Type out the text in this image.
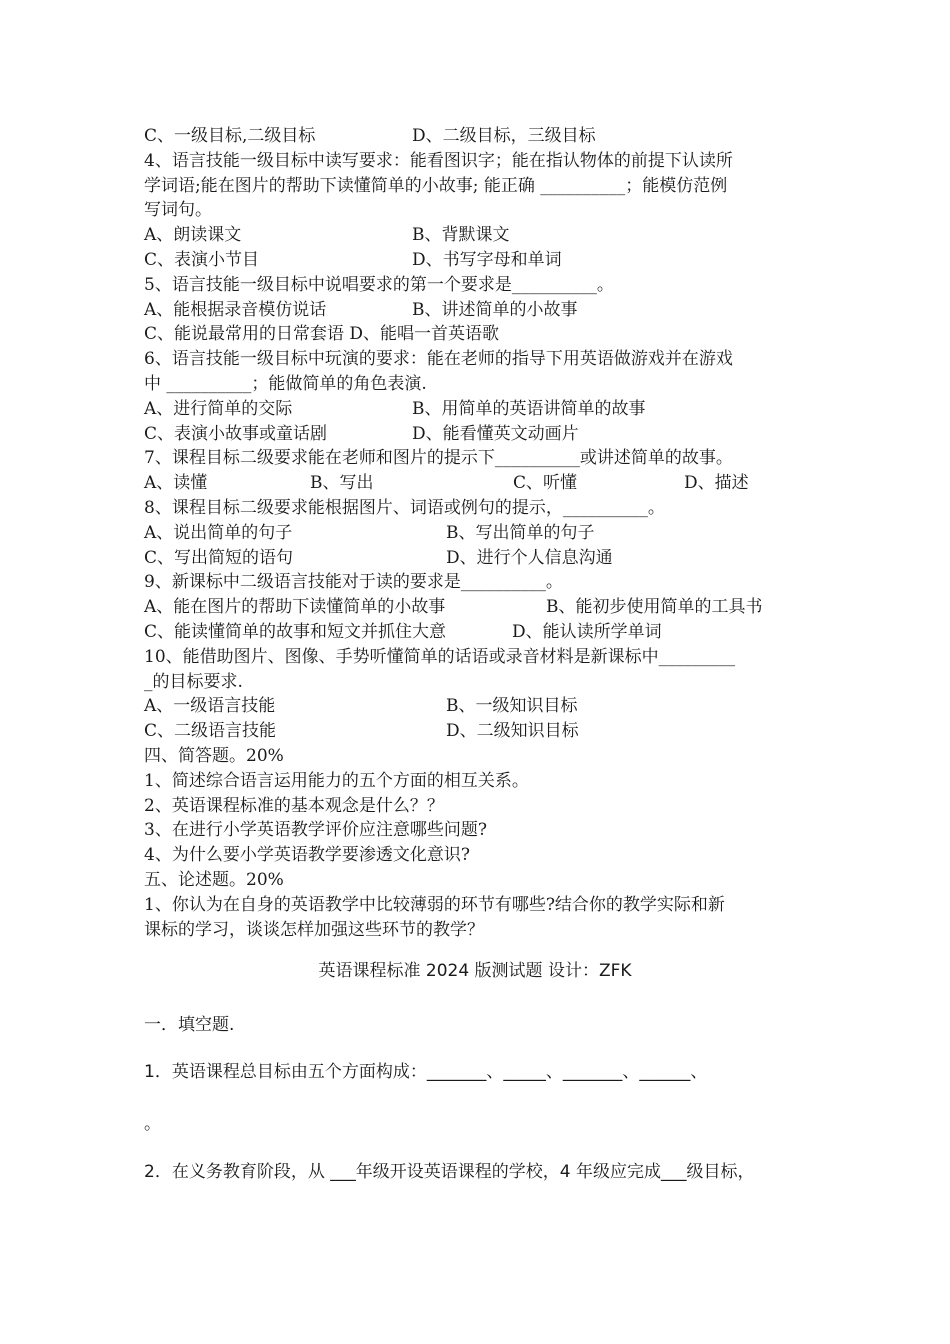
C、一级目标,二级目标	D、二级目标，三级目标
4、语言技能一级目标中读写要求：能看图识字；能在指认物体的前提下认读所
学词语;能在图片的帮助下读懂简单的小故事; 能正确 __________；能模仿范例
写词句。
A、朗读课文	B、背默课文
C、表演小节目	D、书写字母和单词
5、语言技能一级目标中说唱要求的第一个要求是__________。
A、能根据录音模仿说话	B、讲述简单的小故事
C、能说最常用的日常套语 D、能唱一首英语歌
6、语言技能一级目标中玩演的要求：能在老师的指导下用英语做游戏并在游戏
中 __________；能做简单的角色表演.
A、进行简单的交际	B、用简单的英语讲简单的故事
C、表演小故事或童话剧	D、能看懂英文动画片
7、课程目标二级要求能在老师和图片的提示下__________或讲述简单的故事。
A、读懂	B、写出	C、听懂	D、描述
8、课程目标二级要求能根据图片、词语或例句的提示，__________。
A、说出简单的句子	B、写出简单的句子
C、写出简短的语句	D、进行个人信息沟通
9、新课标中二级语言技能对于读的要求是__________。
A、能在图片的帮助下读懂简单的小故事	B、能初步使用简单的工具书
C、能读懂简单的故事和短文并抓住大意	D、能认读所学单词
10、能借助图片、图像、手势听懂简单的话语或录音材料是新课标中_________
_的目标要求.
A、一级语言技能	B、一级知识目标
C、二级语言技能	D、二级知识目标
四、简答题。20%
1、简述综合语言运用能力的五个方面的相互关系。
2、英语课程标准的基本观念是什么？？
3、在进行小学英语教学评价应注意哪些问题?
4、为什么要小学英语教学要渗透文化意识?
五、论述题。20%
1、你认为在自身的英语教学中比较薄弱的环节有哪些?结合你的教学实际和新
课标的学习，谈谈怎样加强这些环节的教学？
英语课程标准 2024 版测试题 设计：ZFK
一．填空题.
1．英语课程总目标由五个方面构成：_______、_____、_______、______、
。
2．在义务教育阶段，从 ___年级开设英语课程的学校，4 年级应完成___级目标，
